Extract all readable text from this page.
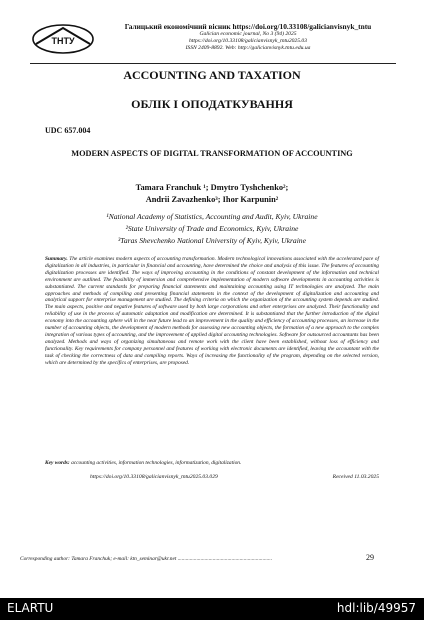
ТНТУ
Галицький економічний вісник https://doi.org/10.33108/galicianvisnyk_tntu
Galician economic journal, No 3 (94) 2025
https://doi.org/10.33108/galicianvisnyk_tntu2025.03
ISSN 2409-8892. Web: http://galicianvisnyk.tntu.edu.ua
ACCOUNTING AND TAXATION
ОБЛІК І ОПОДАТКУВАННЯ
UDC 657.004
MODERN ASPECTS OF DIGITAL TRANSFORMATION OF ACCOUNTING
Tamara Franchuk ¹; Dmytro Tyshchenko²;
Andrii Zavazhenko³; Ihor Karpunin²
¹National Academy of Statistics, Accounting and Audit, Kyiv, Ukraine
²State University of Trade and Economics, Kyiv, Ukraine
³Taras Shevchenko National University of Kyiv, Kyiv, Ukraine
Summary. The article examines modern aspects of accounting transformation. Modern technological innovations associated with the accelerated pace of digitalization in all industries, in particular in financial and accounting, have determined the choice and analysis of this issue. The features of accounting digitalization processes are identified. The ways of improving accounting in the conditions of constant development of the information and technical environment are outlined. The feasibility of immersion and comprehensive implementation of modern software developments in accounting activities is substantiated. The current standards for preparing financial statements and maintaining accounting using IT technologies are analyzed. The main approaches and methods of compiling and presenting financial statements in the context of the development of digitalization and accounting and analytical support for enterprise management are studied. The defining criteria on which the organization of the accounting system depends are studied. The main aspects, positive and negative features of software used by both large corporations and other enterprises are analyzed. Their functionality and reliability of use in the process of automatic adaptation and modification are determined. It is substantiated that the further introduction of the digital economy into the accounting sphere will in the near future lead to an improvement in the quality and efficiency of accounting processes, an increase in the number of accounting objects, the development of modern methods for assessing new accounting objects, the formation of a new approach to the complex integration of various types of accounting, and the improvement of applied digital accounting technologies. Software for outsourced accountants has been analyzed. Methods and ways of organizing simultaneous and remote work with the client have been established, without loss of efficiency and functionality. Key requirements for company personnel and features of working with electronic documents are identified, leaving the accountant with the task of checking the correctness of data and compiling reports. Ways of increasing the functionality of the program, depending on the selected version, which are determined by the specifics of enterprises, are proposed.
Key words: accounting activities, information technologies, informatization, digitalization.
https://doi.org/10.33108/galicianvisnyk_tntu2025.03.029	Received 11.03.2025
Corresponding author: Tamara Franchuk; e-mail: ktn_seminar@ukr.net ......................................................................	29
ELARTU	hdl:lib/49957
